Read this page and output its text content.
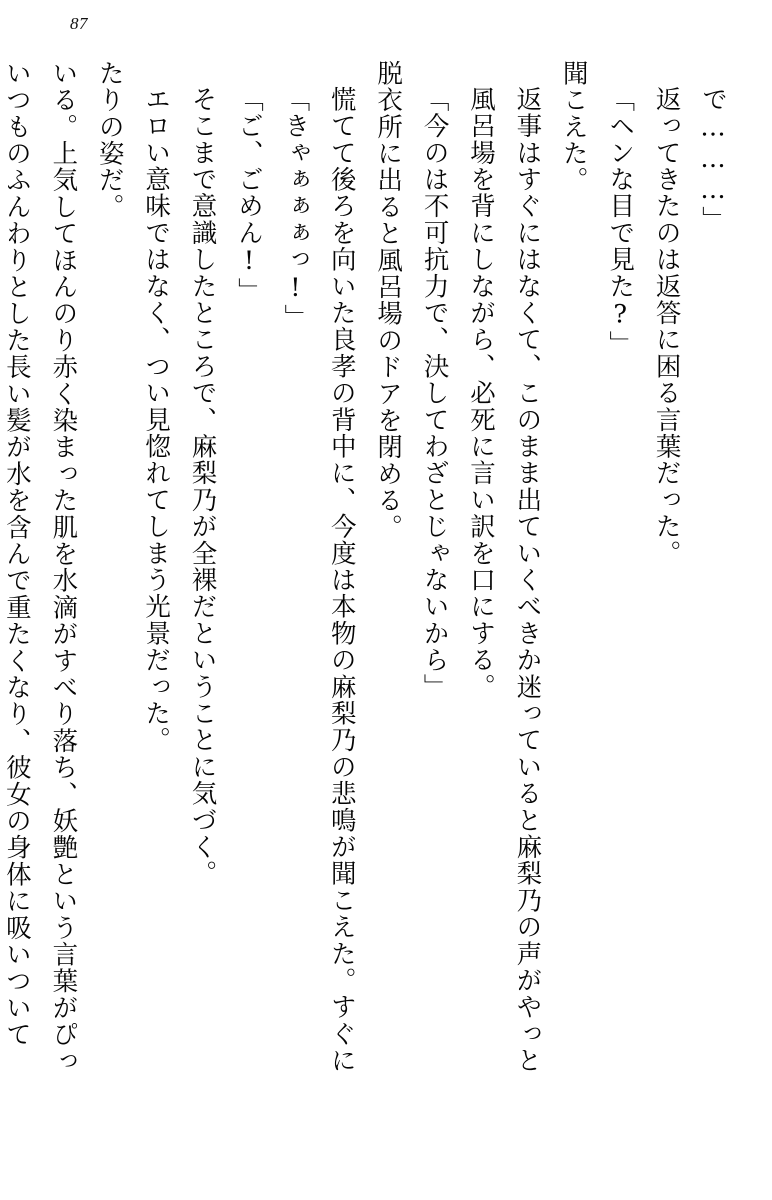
87
で………」
返ってきたのは返答に困る言葉だった。
「ヘンな目で見た?」
聞こえた。
返事はすぐにはなくて、このまま出ていくべきか迷っていると麻梨乃の声がやっと
風呂場を背にしながら、必死に言い訳を口にする。
「今のは不可抗力で、決してわざとじゃないから」
脱衣所に出ると風呂場のドアを閉める。
慌てて後ろを向いた良孝の背中に、今度は本物の麻梨乃の悲鳴が聞こえた。すぐに
「きゃぁぁぁっ!」
「ご、ごめん!」
そこまで意識したところで、麻梨乃が全裸だということに気づく。
エロい意味ではなく、つい見惚れてしまう光景だった。
たりの姿だ。
いる。上気してほんのり赤く染まった肌を水滴がすべり落ち、妖艶という言葉がぴっ
いつものふんわりとした長い髪が水を含んで重たくなり、彼女の身体に吸いついて
